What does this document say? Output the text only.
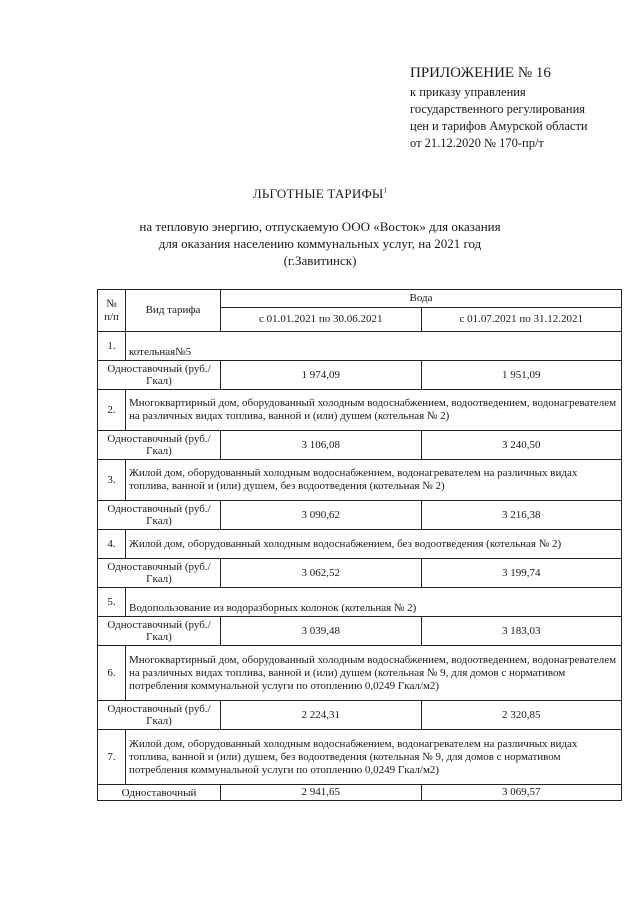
ПРИЛОЖЕНИЕ № 16
к приказу управления
государственного регулирования
цен и тарифов Амурской области
от 21.12.2020 № 170-пр/т
ЛЬГОТНЫЕ ТАРИФЫ$^1$
на тепловую энергию, отпускаемую ООО «Восток» для оказания
для оказания населению коммунальных услуг, на 2021 год
(г.Завитинск)
№ п/п	Вид тарифа	Вода	
		с 01.01.2021 по 30.06.2021	с 01.07.2021 по 31.12.2021
1.	котельная№5		
Одноставочный (руб./Гкал)		1 974,09	1 951,09
2.	Многоквартирный дом, оборудованный холодным водоснабжением, водоотведением, водонагревателем на различных видах топлива, ванной и (или) душем (котельная № 2)		
Одноставочный (руб./Гкал)		3 106,08	3 240,50
3.	Жилой дом, оборудованный холодным водоснабжением, водонагревателем на различных видах топлива, ванной и (или) душем, без водоотведения (котельная № 2)		
Одноставочный (руб./Гкал)		3 090,62	3 216,38
4.	Жилой дом, оборудованный холодным водоснабжением, без водоотведения (котельная № 2)		
Одноставочный (руб./Гкал)		3 062,52	3 199,74
5.	Водопользование из водоразборных колонок (котельная № 2)		
Одноставочный (руб./Гкал)		3 039,48	3 183,03
6.	Многоквартирный дом, оборудованный холодным водоснабжением, водоотведением, водонагревателем на различных видах топлива, ванной и (или) душем (котельная № 9, для домов с нормативом потребления коммунальной услуги по отоплению 0,0249 Гкал/м2)		
Одноставочный (руб./Гкал)		2 224,31	2 320,85
7.	Жилой дом, оборудованный холодным водоснабжением, водонагревателем на различных видах топлива, ванной и (или) душем, без водоотведения (котельная № 9, для домов с нормативом потребления коммунальной услуги по отоплению 0,0249 Гкал/м2)		
Одноставочный		2 941,65	3 069,57
